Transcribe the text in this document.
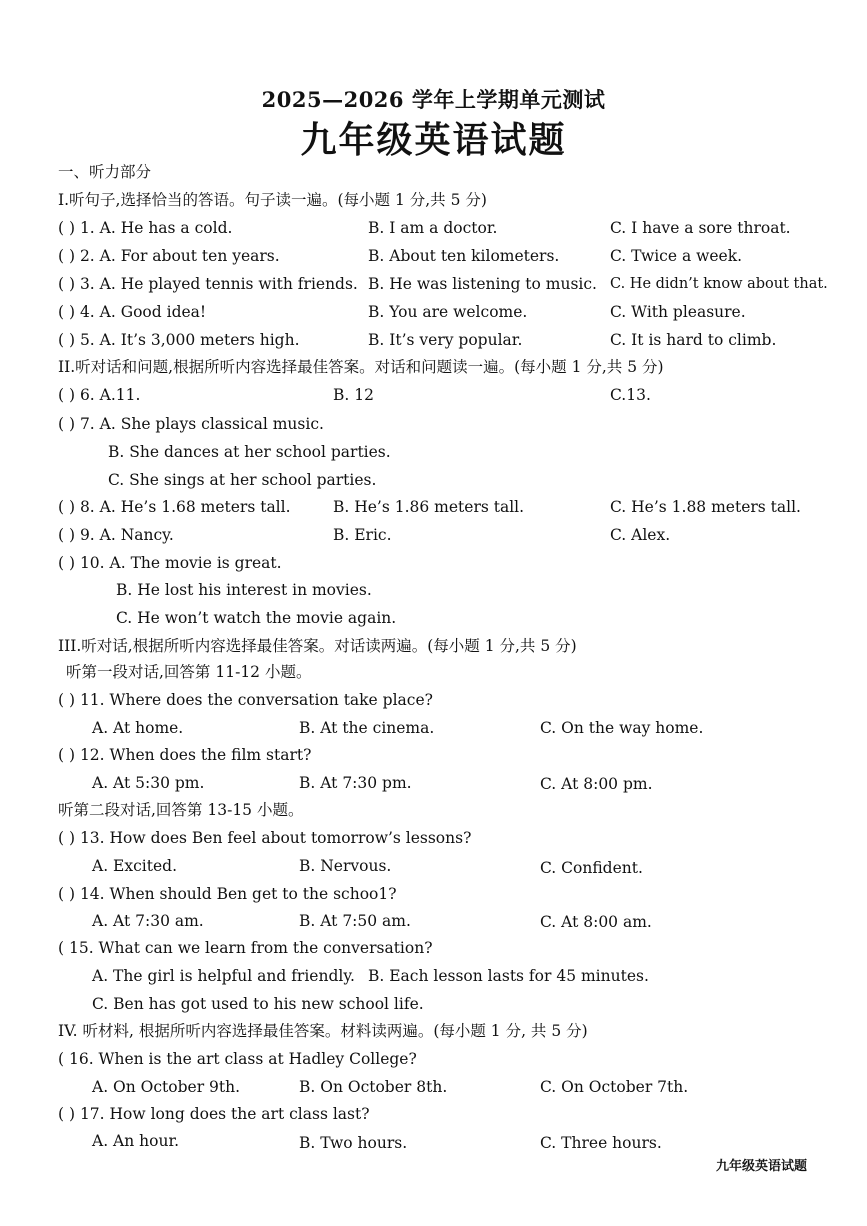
2025—2026 学年上学期单元测试
九年级英语试题
一、听力部分
I.听句子,选择恰当的答语。句子读一遍。(每小题 1 分,共 5 分)
( ) 1. A. He has a cold.	B. I am a doctor.	C. I have a sore throat.
( ) 2. A. For about ten years.	B. About ten kilometers.	C. Twice a week.
( ) 3. A. He played tennis with friends. B. He was listening to music. C. He didn’t know about that.
( ) 4. A. Good idea!	B. You are welcome.	C. With pleasure.
( ) 5. A. It’s 3,000 meters high.	B. It’s very popular.	C. It is hard to climb.
II.听对话和问题,根据所听内容选择最佳答案。对话和问题读一遍。(每小题 1 分,共 5 分)
( ) 6. A.11.	B. 12	C.13.
( ) 7. A. She plays classical music.
B. She dances at her school parties.
C. She sings at her school parties.
( ) 8. A. He’s 1.68 meters tall.	B. He’s 1.86 meters tall.	C. He’s 1.88 meters tall.
( ) 9. A. Nancy.	B. Eric.	C. Alex.
( ) 10. A. The movie is great.
B. He lost his interest in movies.
C. He won’t watch the movie again.
III.听对话,根据所听内容选择最佳答案。对话读两遍。(每小题 1 分,共 5 分)
听第一段对话,回答第 11-12 小题。
( ) 11. Where does the conversation take place?
A. At home.	B. At the cinema.	C. On the way home.
( ) 12. When does the film start?
A. At 5:30 pm.	B. At 7:30 pm.	C. At 8:00 pm.
听第二段对话,回答第 13-15 小题。
( ) 13. How does Ben feel about tomorrow’s lessons?
A. Excited.	B. Nervous.	C. Confident.
( ) 14. When should Ben get to the schoo1?
A. At 7:30 am.	B. At 7:50 am.	C. At 8:00 am.
( 15. What can we learn from the conversation?
A. The girl is helpful and friendly. B. Each lesson lasts for 45 minutes.
C. Ben has got used to his new school life.
IV. 听材料, 根据所听内容选择最佳答案。材料读两遍。(每小题 1 分, 共 5 分)
( 16. When is the art class at Hadley College?
A. On October 9th.	B. On October 8th.	C. On October 7th.
( ) 17. How long does the art class last?
A. An hour.	B. Two hours.	C. Three hours.
九年级英语试题
